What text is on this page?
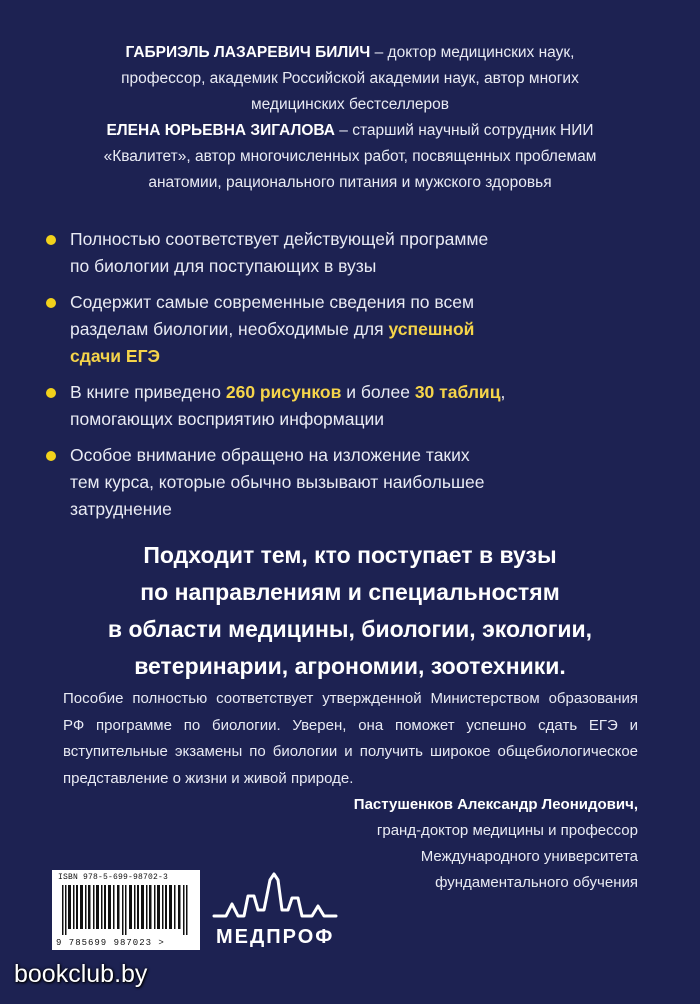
ГАБРИЭЛЬ ЛАЗАРЕВИЧ БИЛИЧ – доктор медицинских наук,
профессор, академик Российской академии наук, автор многих
медицинских бестселлеров
ЕЛЕНА ЮРЬЕВНА ЗИГАЛОВА – старший научный сотрудник НИИ
«Квалитет», автор многочисленных работ, посвященных проблемам
анатомии, рационального питания и мужского здоровья
Полностью соответствует действующей программе
по биологии для поступающих в вузы
Содержит самые современные сведения по всем
разделам биологии, необходимые для успешной
сдачи ЕГЭ
В книге приведено 260 рисунков и более 30 таблиц,
помогающих восприятию информации
Особое внимание обращено на изложение таких
тем курса, которые обычно вызывают наибольшее
затруднение
Подходит тем, кто поступает в вузы
по направлениям и специальностям
в области медицины, биологии, экологии,
ветеринарии, агрономии, зоотехники.
Пособие полностью соответствует утвержденной Министерством образования РФ программе по биологии. Уверен, она поможет успешно сдать ЕГЭ и вступительные экзамены по биологии и получить широкое общебиологическое представление о жизни и живой природе.
Пастушенков Александр Леонидович,
гранд-доктор медицины и профессор
Международного университета
фундаментального обучения
ISBN 978-5-699-98702-3
9 785699 987023 >	МЕДПРОФ
bookclub.by
